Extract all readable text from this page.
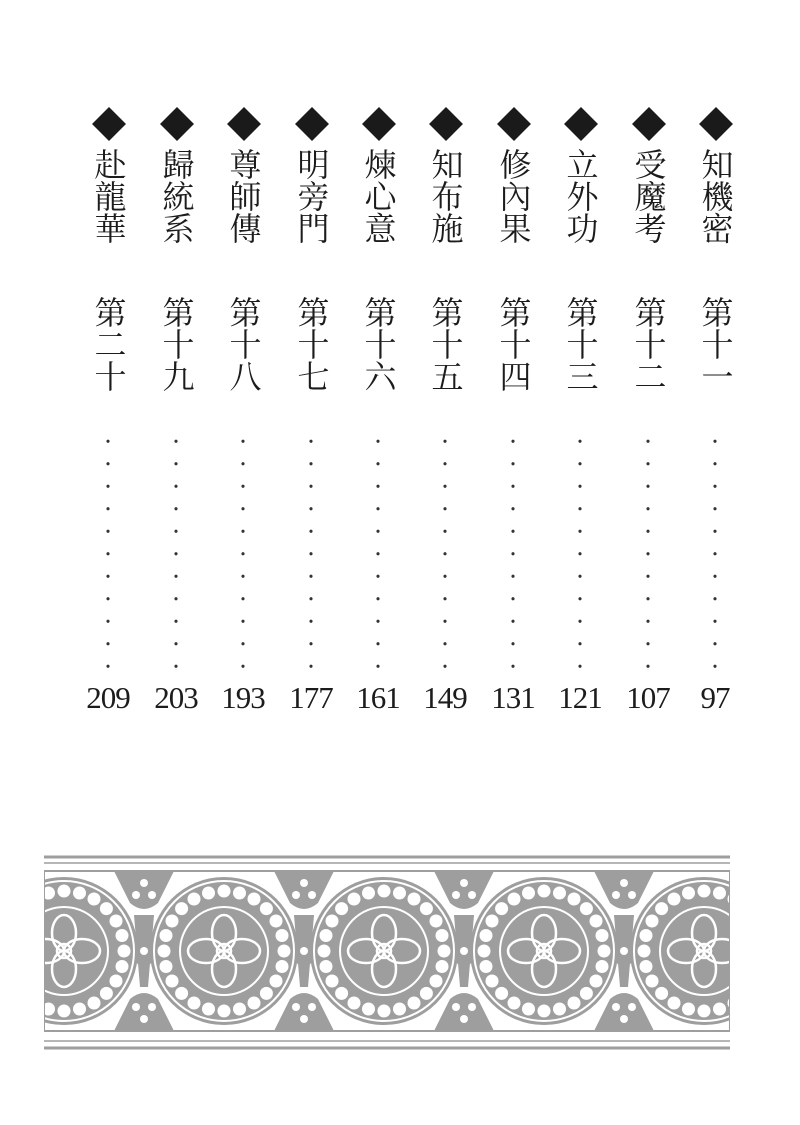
赴龍華
第二十
209
歸統系
第十九
203
尊師傳
第十八
193
明旁門
第十七
177
煉心意
第十六
161
知布施
第十五
149
修內果
第十四
131
立外功
第十三
121
受魔考
第十二
107
知機密
第十一
97
